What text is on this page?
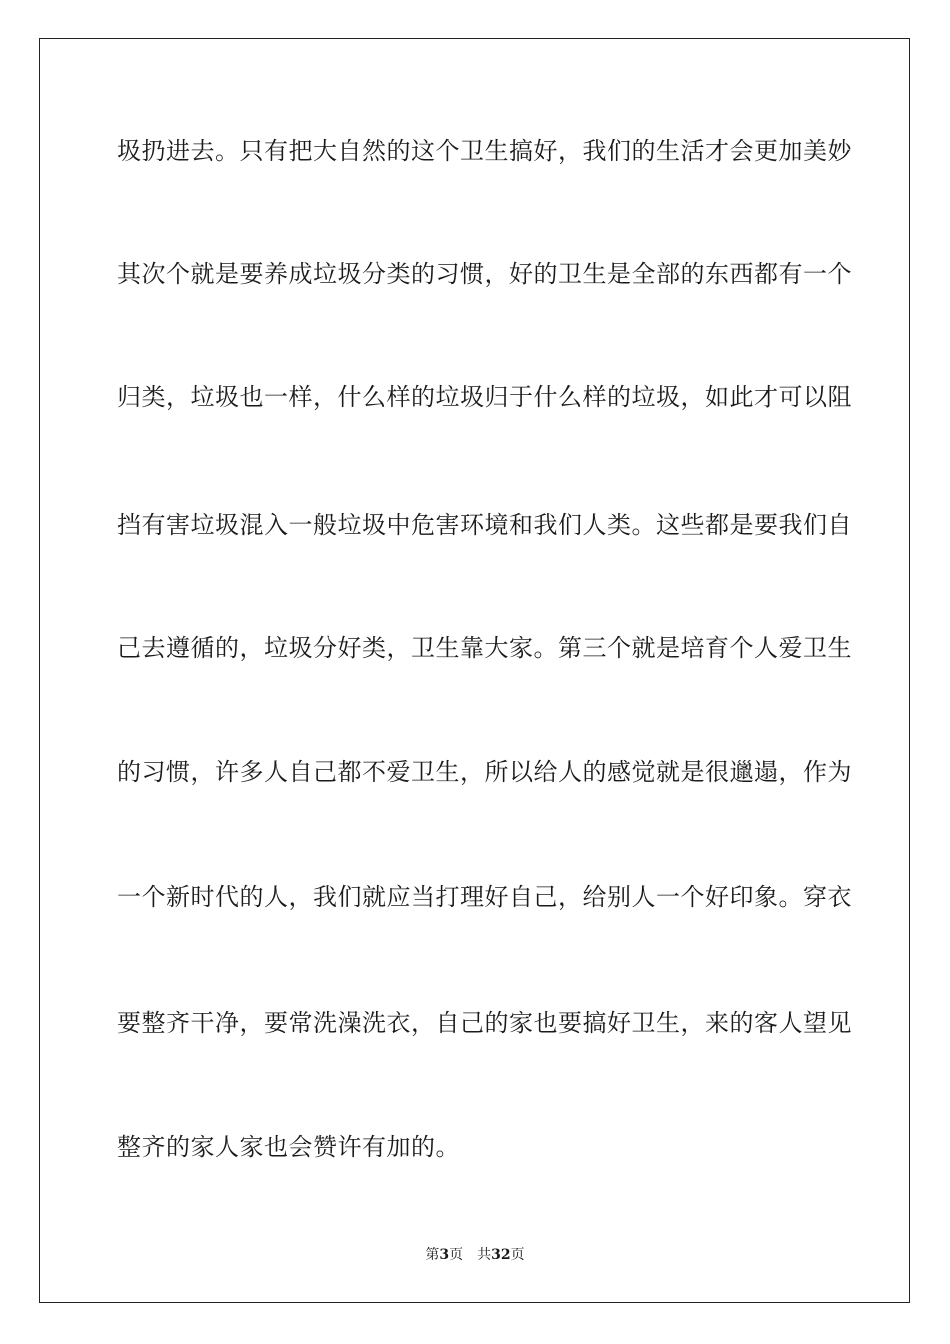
圾扔进去。只有把大自然的这个卫生搞好，我们的生活才会更加美妙
其次个就是要养成垃圾分类的习惯，好的卫生是全部的东西都有一个
归类，垃圾也一样，什么样的垃圾归于什么样的垃圾，如此才可以阻
挡有害垃圾混入一般垃圾中危害环境和我们人类。这些都是要我们自
己去遵循的，垃圾分好类，卫生靠大家。第三个就是培育个人爱卫生
的习惯，许多人自己都不爱卫生，所以给人的感觉就是很邋遢，作为
一个新时代的人，我们就应当打理好自己，给别人一个好印象。穿衣
要整齐干净，要常洗澡洗衣，自己的家也要搞好卫生，来的客人望见
整齐的家人家也会赞许有加的。
第3页 共32页
